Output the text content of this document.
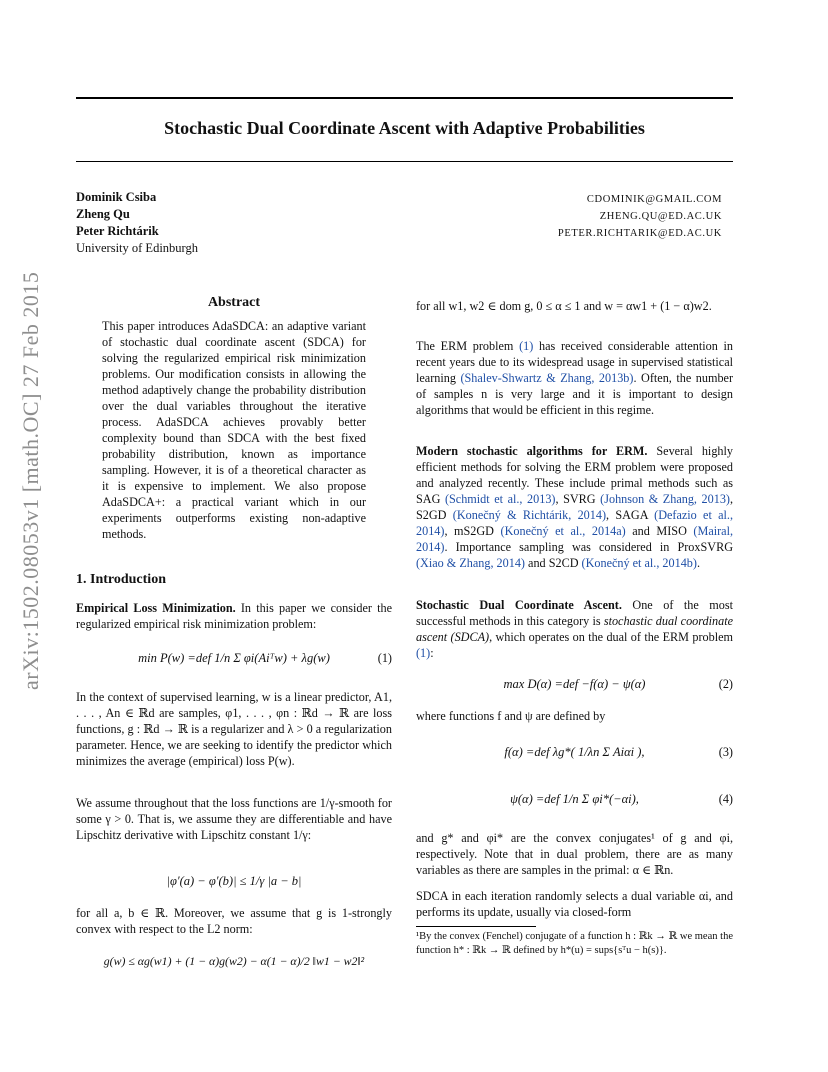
Stochastic Dual Coordinate Ascent with Adaptive Probabilities
Dominik Csiba
Zheng Qu
Peter Richtárik
University of Edinburgh
CDOMINIK@GMAIL.COM
ZHENG.QU@ED.AC.UK
PETER.RICHTARIK@ED.AC.UK
arXiv:1502.08053v1 [math.OC] 27 Feb 2015	Abstract
This paper introduces AdaSDCA: an adaptive variant of stochastic dual coordinate ascent (SDCA) for solving the regularized empirical risk minimization problems. Our modification consists in allowing the method adaptively change the probability distribution over the dual variables throughout the iterative process. AdaSDCA achieves provably better complexity bound than SDCA with the best fixed probability distribution, known as importance sampling. However, it is of a theoretical character as it is expensive to implement. We also propose AdaSDCA+: a practical variant which in our experiments outperforms existing non-adaptive methods.
1. Introduction
Empirical Loss Minimization. In this paper we consider the regularized empirical risk minimization problem:
min P(w) =def 1/n Σ φi(Aiᵀw) + λg(w)	(1)
In the context of supervised learning, w is a linear predictor, A1, . . . , An ∈ ℝd are samples, φ1, . . . , φn : ℝd → ℝ are loss functions, g : ℝd → ℝ is a regularizer and λ > 0 a regularization parameter. Hence, we are seeking to identify the predictor which minimizes the average (empirical) loss P(w).
We assume throughout that the loss functions are 1/γ-smooth for some γ > 0. That is, we assume they are differentiable and have Lipschitz derivative with Lipschitz constant 1/γ:
|φ′(a) − φ′(b)| ≤ 1/γ |a − b|
for all a, b ∈ ℝ. Moreover, we assume that g is 1-strongly convex with respect to the L2 norm:
g(w) ≤ αg(w1) + (1 − α)g(w2) − α(1 − α)/2 ‖w1 − w2‖²
for all w1, w2 ∈ dom g, 0 ≤ α ≤ 1 and w = αw1 + (1 − α)w2.
The ERM problem (1) has received considerable attention in recent years due to its widespread usage in supervised statistical learning (Shalev-Shwartz & Zhang, 2013b). Often, the number of samples n is very large and it is important to design algorithms that would be efficient in this regime.
Modern stochastic algorithms for ERM. Several highly efficient methods for solving the ERM problem were proposed and analyzed recently. These include primal methods such as SAG (Schmidt et al., 2013), SVRG (Johnson & Zhang, 2013), S2GD (Konečný & Richtárik, 2014), SAGA (Defazio et al., 2014), mS2GD (Konečný et al., 2014a) and MISO (Mairal, 2014). Importance sampling was considered in ProxSVRG (Xiao & Zhang, 2014) and S2CD (Konečný et al., 2014b).
Stochastic Dual Coordinate Ascent. One of the most successful methods in this category is stochastic dual coordinate ascent (SDCA), which operates on the dual of the ERM problem (1):
max D(α) =def −f(α) − ψ(α)	(2)
where functions f and ψ are defined by
f(α) =def λg*( 1/λn Σ Aiαi ),	(3)
ψ(α) =def 1/n Σ φi*(−αi),	(4)
and g* and φi* are the convex conjugates¹ of g and φi, respectively. Note that in dual problem, there are as many variables as there are samples in the primal: α ∈ ℝn.
SDCA in each iteration randomly selects a dual variable αi, and performs its update, usually via closed-form
¹By the convex (Fenchel) conjugate of a function h : ℝk → ℝ we mean the function h* : ℝk → ℝ defined by h*(u) = sups{sᵀu − h(s)}.
